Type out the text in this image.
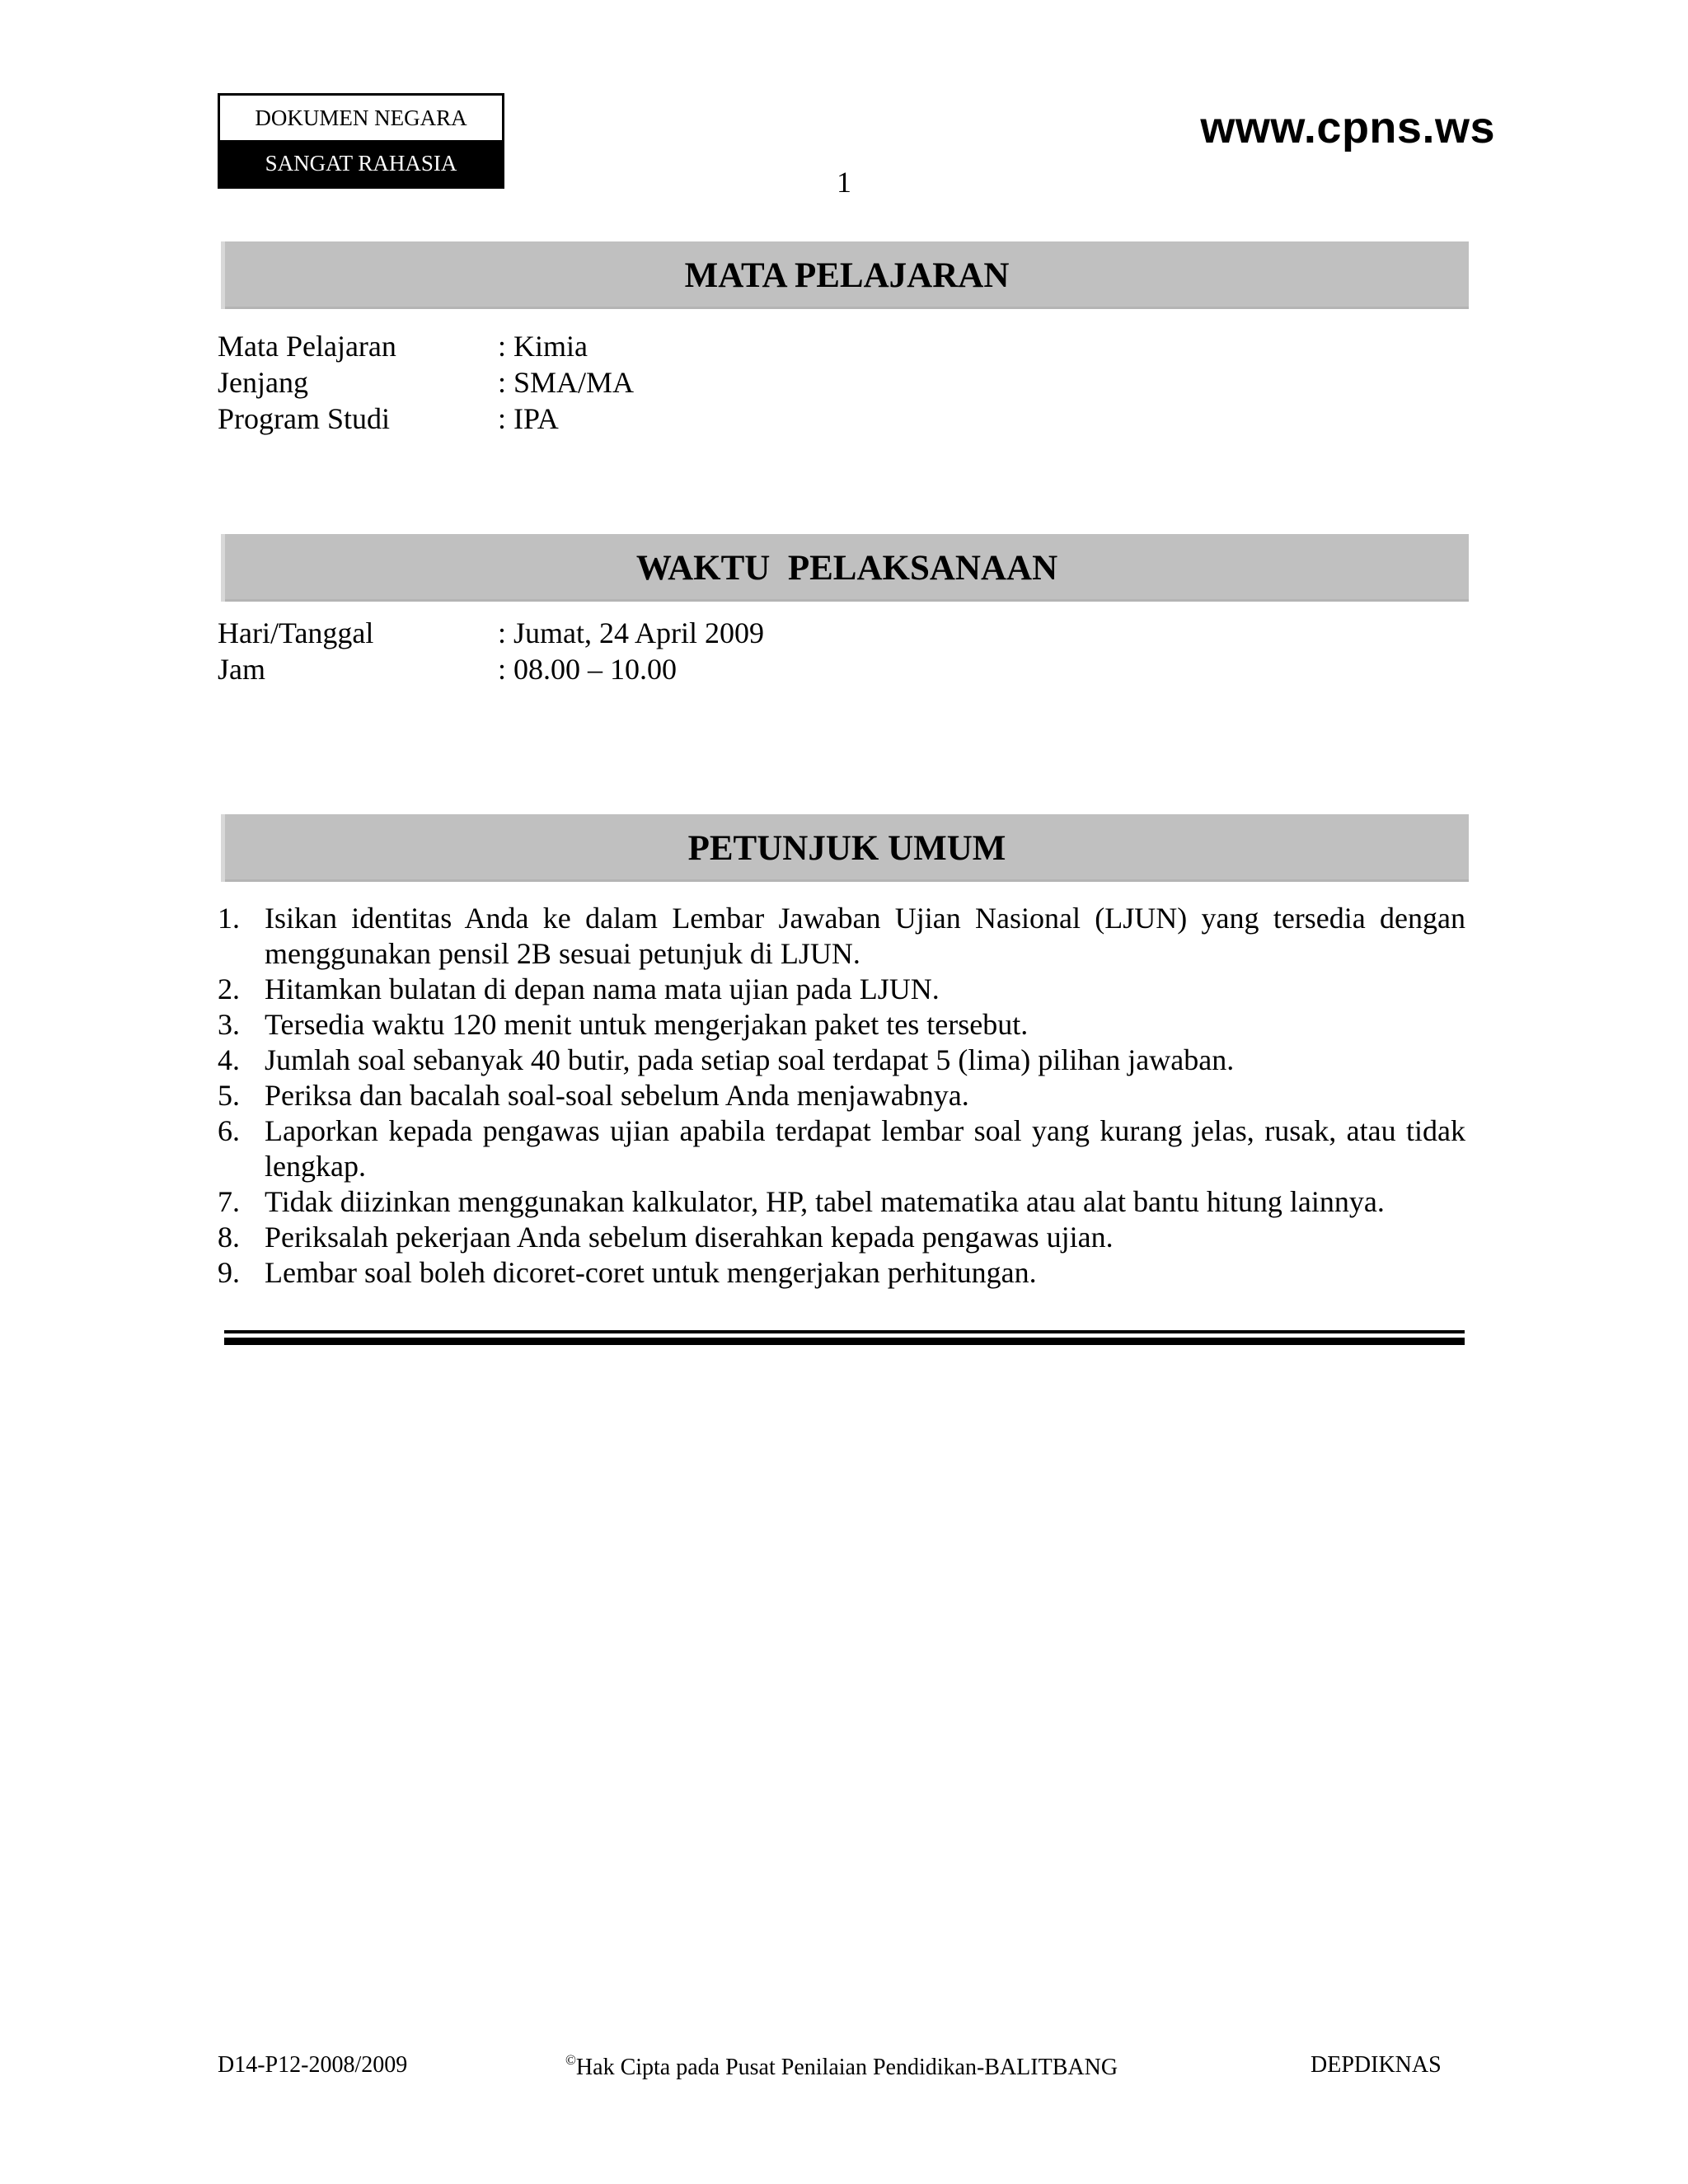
DOKUMEN NEGARA
SANGAT RAHASIA
www.cpns.ws
1
MATA PELAJARAN
Mata Pelajaran	: Kimia
Jenjang	: SMA/MA
Program Studi	: IPA
WAKTU  PELAKSANAAN
Hari/Tanggal	: Jumat, 24 April 2009
Jam	: 08.00 – 10.00
PETUNJUK UMUM
1. Isikan identitas Anda ke dalam Lembar Jawaban Ujian Nasional (LJUN) yang tersedia dengan menggunakan pensil 2B sesuai petunjuk di LJUN.
2. Hitamkan bulatan di depan nama mata ujian pada LJUN.
3. Tersedia waktu 120 menit untuk mengerjakan paket tes tersebut.
4. Jumlah soal sebanyak 40 butir, pada setiap soal terdapat 5 (lima) pilihan jawaban.
5. Periksa dan bacalah soal-soal sebelum Anda menjawabnya.
6. Laporkan kepada pengawas ujian apabila terdapat lembar soal yang kurang jelas, rusak, atau tidak lengkap.
7. Tidak diizinkan menggunakan kalkulator, HP, tabel matematika atau alat bantu hitung lainnya.
8. Periksalah pekerjaan Anda sebelum diserahkan kepada pengawas ujian.
9. Lembar soal boleh dicoret-coret untuk mengerjakan perhitungan.
D14-P12-2008/2009	©Hak Cipta pada Pusat Penilaian Pendidikan-BALITBANG	DEPDIKNAS
